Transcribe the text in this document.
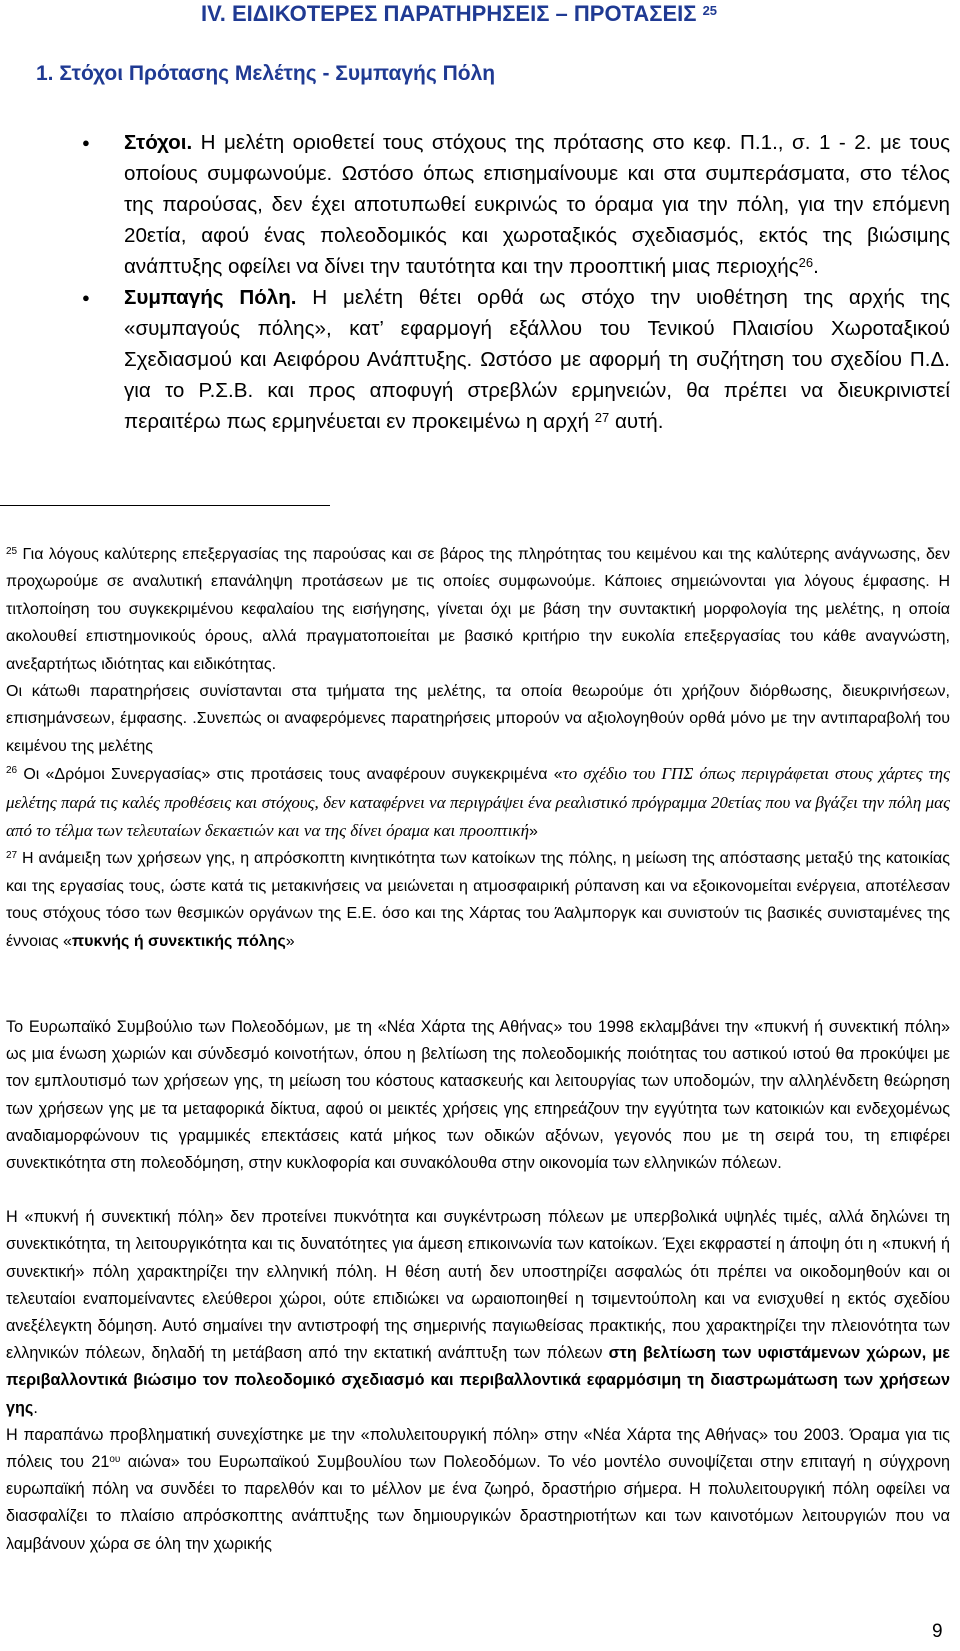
IV. ΕΙΔΙΚΟΤΕΡΕΣ ΠΑΡΑΤΗΡΗΣΕΙΣ – ΠΡΟΤΑΣΕΙΣ $^{25}$
1. Στόχοι Πρότασης Μελέτης - Συμπαγής Πόλη
● Στόχοι. Η μελέτη οριοθετεί τους στόχους της πρότασης στο κεφ. Π.1., σ. 1 - 2. με τους οποίους συμφωνούμε. Ωστόσο όπως επισημαίνουμε και στα συμπεράσματα, στο τέλος της παρούσας, δεν έχει αποτυπωθεί ευκρινώς το όραμα για την πόλη, για την επόμενη 20ετία, αφού ένας πολεοδομικός και χωροταξικός σχεδιασμός, εκτός της βιώσιμης ανάπτυξης οφείλει να δίνει την ταυτότητα και την προοπτική μιας περιοχής$^{26}$.
● Συμπαγής Πόλη. Η μελέτη θέτει ορθά ως στόχο την υιοθέτηση της αρχής της «συμπαγούς πόλης», κατ’ εφαρμογή εξάλλου του Τενικού Πλαισίου Χωροταξικού Σχεδιασμού και Αειφόρου Ανάπτυξης. Ωστόσο με αφορμή τη συζήτηση του σχεδίου Π.Δ. για το Ρ.Σ.Β. και προς αποφυγή στρεβλών ερμηνειών, θα πρέπει να διευκρινιστεί περαιτέρω πως ερμηνέυεται εν προκειμένω η αρχή $^{27}$ αυτή.

$^{25}$ Για λόγους καλύτερης επεξεργασίας της παρούσας και σε βάρος της πληρότητας του κειμένου και της καλύτερης ανάγνωσης, δεν προχωρούμε σε αναλυτική επανάληψη προτάσεων με τις οποίες συμφωνούμε. Κάποιες σημειώνονται για λόγους έμφασης. Η τιτλοποίηση του συγκεκριμένου κεφαλαίου της εισήγησης, γίνεται όχι με βάση την συντακτική μορφολογία της μελέτης, η οποία ακολουθεί επιστημονικούς όρους, αλλά πραγματοποιείται με βασικό κριτήριο την ευκολία επεξεργασίας του κάθε αναγνώστη, ανεξαρτήτως ιδιότητας και ειδικότητας.

Οι κάτωθι παρατηρήσεις συνίστανται στα τμήματα της μελέτης, τα οποία θεωρούμε ότι χρήζουν διόρθωσης, διευκρινήσεων, επισημάνσεων, έμφασης. .Συνεπώς οι αναφερόμενες παρατηρήσεις μπορούν να αξιολογηθούν ορθά μόνο με την αντιπαραβολή του κειμένου της μελέτης

$^{26}$ Οι «Δρόμοι Συνεργασίας» στις προτάσεις τους αναφέρουν συγκεκριμένα «το σχέδιο του ΓΠΣ όπως περιγράφεται στους χάρτες της μελέτης παρά τις καλές προθέσεις και στόχους, δεν καταφέρνει να περιγράψει ένα ρεαλιστικό πρόγραμμα 20ετίας που να βγάζει την πόλη μας από το τέλμα των τελευταίων δεκαετιών και να της δίνει όραμα και προοπτική»

$^{27}$ Η ανάμειξη των χρήσεων γης, η απρόσκοπτη κινητικότητα των κατοίκων της πόλης, η μείωση της απόστασης μεταξύ της κατοικίας και της εργασίας τους, ώστε κατά τις μετακινήσεις να μειώνεται η ατμοσφαιρική ρύπανση και να εξοικονομείται ενέργεια, αποτέλεσαν τους στόχους τόσο των θεσμικών οργάνων της Ε.Ε. όσο και της Χάρτας του Άαλμποργκ και συνιστούν τις βασικές συνισταμένες της έννοιας «πυκνής ή συνεκτικής πόλης»

Το Ευρωπαϊκό Συμβούλιο των Πολεοδόμων, με τη «Νέα Χάρτα της Αθήνας» του 1998 εκλαμβάνει την «πυκνή ή συνεκτική πόλη» ως μια ένωση χωριών και σύνδεσμό κοινοτήτων, όπου η βελτίωση της πολεοδομικής ποιότητας του αστικού ιστού θα προκύψει με τον εμπλουτισμό των χρήσεων γης, τη μείωση του κόστους κατασκευής και λειτουργίας των υποδομών, την αλληλένδετη θεώρηση των χρήσεων γης με τα μεταφορικά δίκτυα, αφού οι μεικτές χρήσεις γης επηρεάζουν την εγγύτητα των κατοικιών και ενδεχομένως αναδιαμορφώνουν τις γραμμικές επεκτάσεις κατά μήκος των οδικών αξόνων, γεγονός που με τη σειρά του, τη επιφέρει συνεκτικότητα στη πολεοδόμηση, στην κυκλοφορία και συνακόλουθα στην οικονομία των ελληνικών πόλεων.

Η «πυκνή ή συνεκτική πόλη» δεν προτείνει πυκνότητα και συγκέντρωση πόλεων με υπερβολικά υψηλές τιμές, αλλά δηλώνει τη συνεκτικότητα, τη λειτουργικότητα και τις δυνατότητες για άμεση επικοινωνία των κατοίκων. Έχει εκφραστεί η άποψη ότι η «πυκνή ή συνεκτική» πόλη χαρακτηρίζει την ελληνική πόλη. Η θέση αυτή δεν υποστηρίζει ασφαλώς ότι πρέπει να οικοδομηθούν και οι τελευταίοι εναπομείναντες ελεύθεροι χώροι, ούτε επιδιώκει να ωραιοποιηθεί η τσιμεντούπολη και να ενισχυθεί η εκτός σχεδίου ανεξέλεγκτη δόμηση. Αυτό σημαίνει την αντιστροφή της σημερινής παγιωθείσας πρακτικής, που χαρακτηρίζει την πλειονότητα των ελληνικών πόλεων, δηλαδή τη μετάβαση από την εκτατική ανάπτυξη των πόλεων στη βελτίωση των υφιστάμενων χώρων, με περιβαλλοντικά βιώσιμο τον πολεοδομικό σχεδιασμό και περιβαλλοντικά εφαρμόσιμη τη διαστρωμάτωση των χρήσεων γης.

Η παραπάνω προβληματική συνεχίστηκε με την «πολυλειτουργική πόλη» στην «Νέα Χάρτα της Αθήνας» του 2003. Όραμα για τις πόλεις του $21^{o\upsilon}$ αιώνα» του Ευρωπαϊκού Συμβουλίου των Πολεοδόμων. Το νέο μοντέλο συνοψίζεται στην επιταγή η σύγχρονη ευρωπαϊκή πόλη να συνδέει το παρελθόν και το μέλλον με ένα ζωηρό, δραστήριο σήμερα. Η πολυλειτουργική πόλη οφείλει να διασφαλίζει το πλαίσιο απρόσκοπτης ανάπτυξης των δημιουργικών δραστηριοτήτων και των καινοτόμων λειτουργιών που να λαμβάνουν χώρα σε όλη την χωρικής

9
